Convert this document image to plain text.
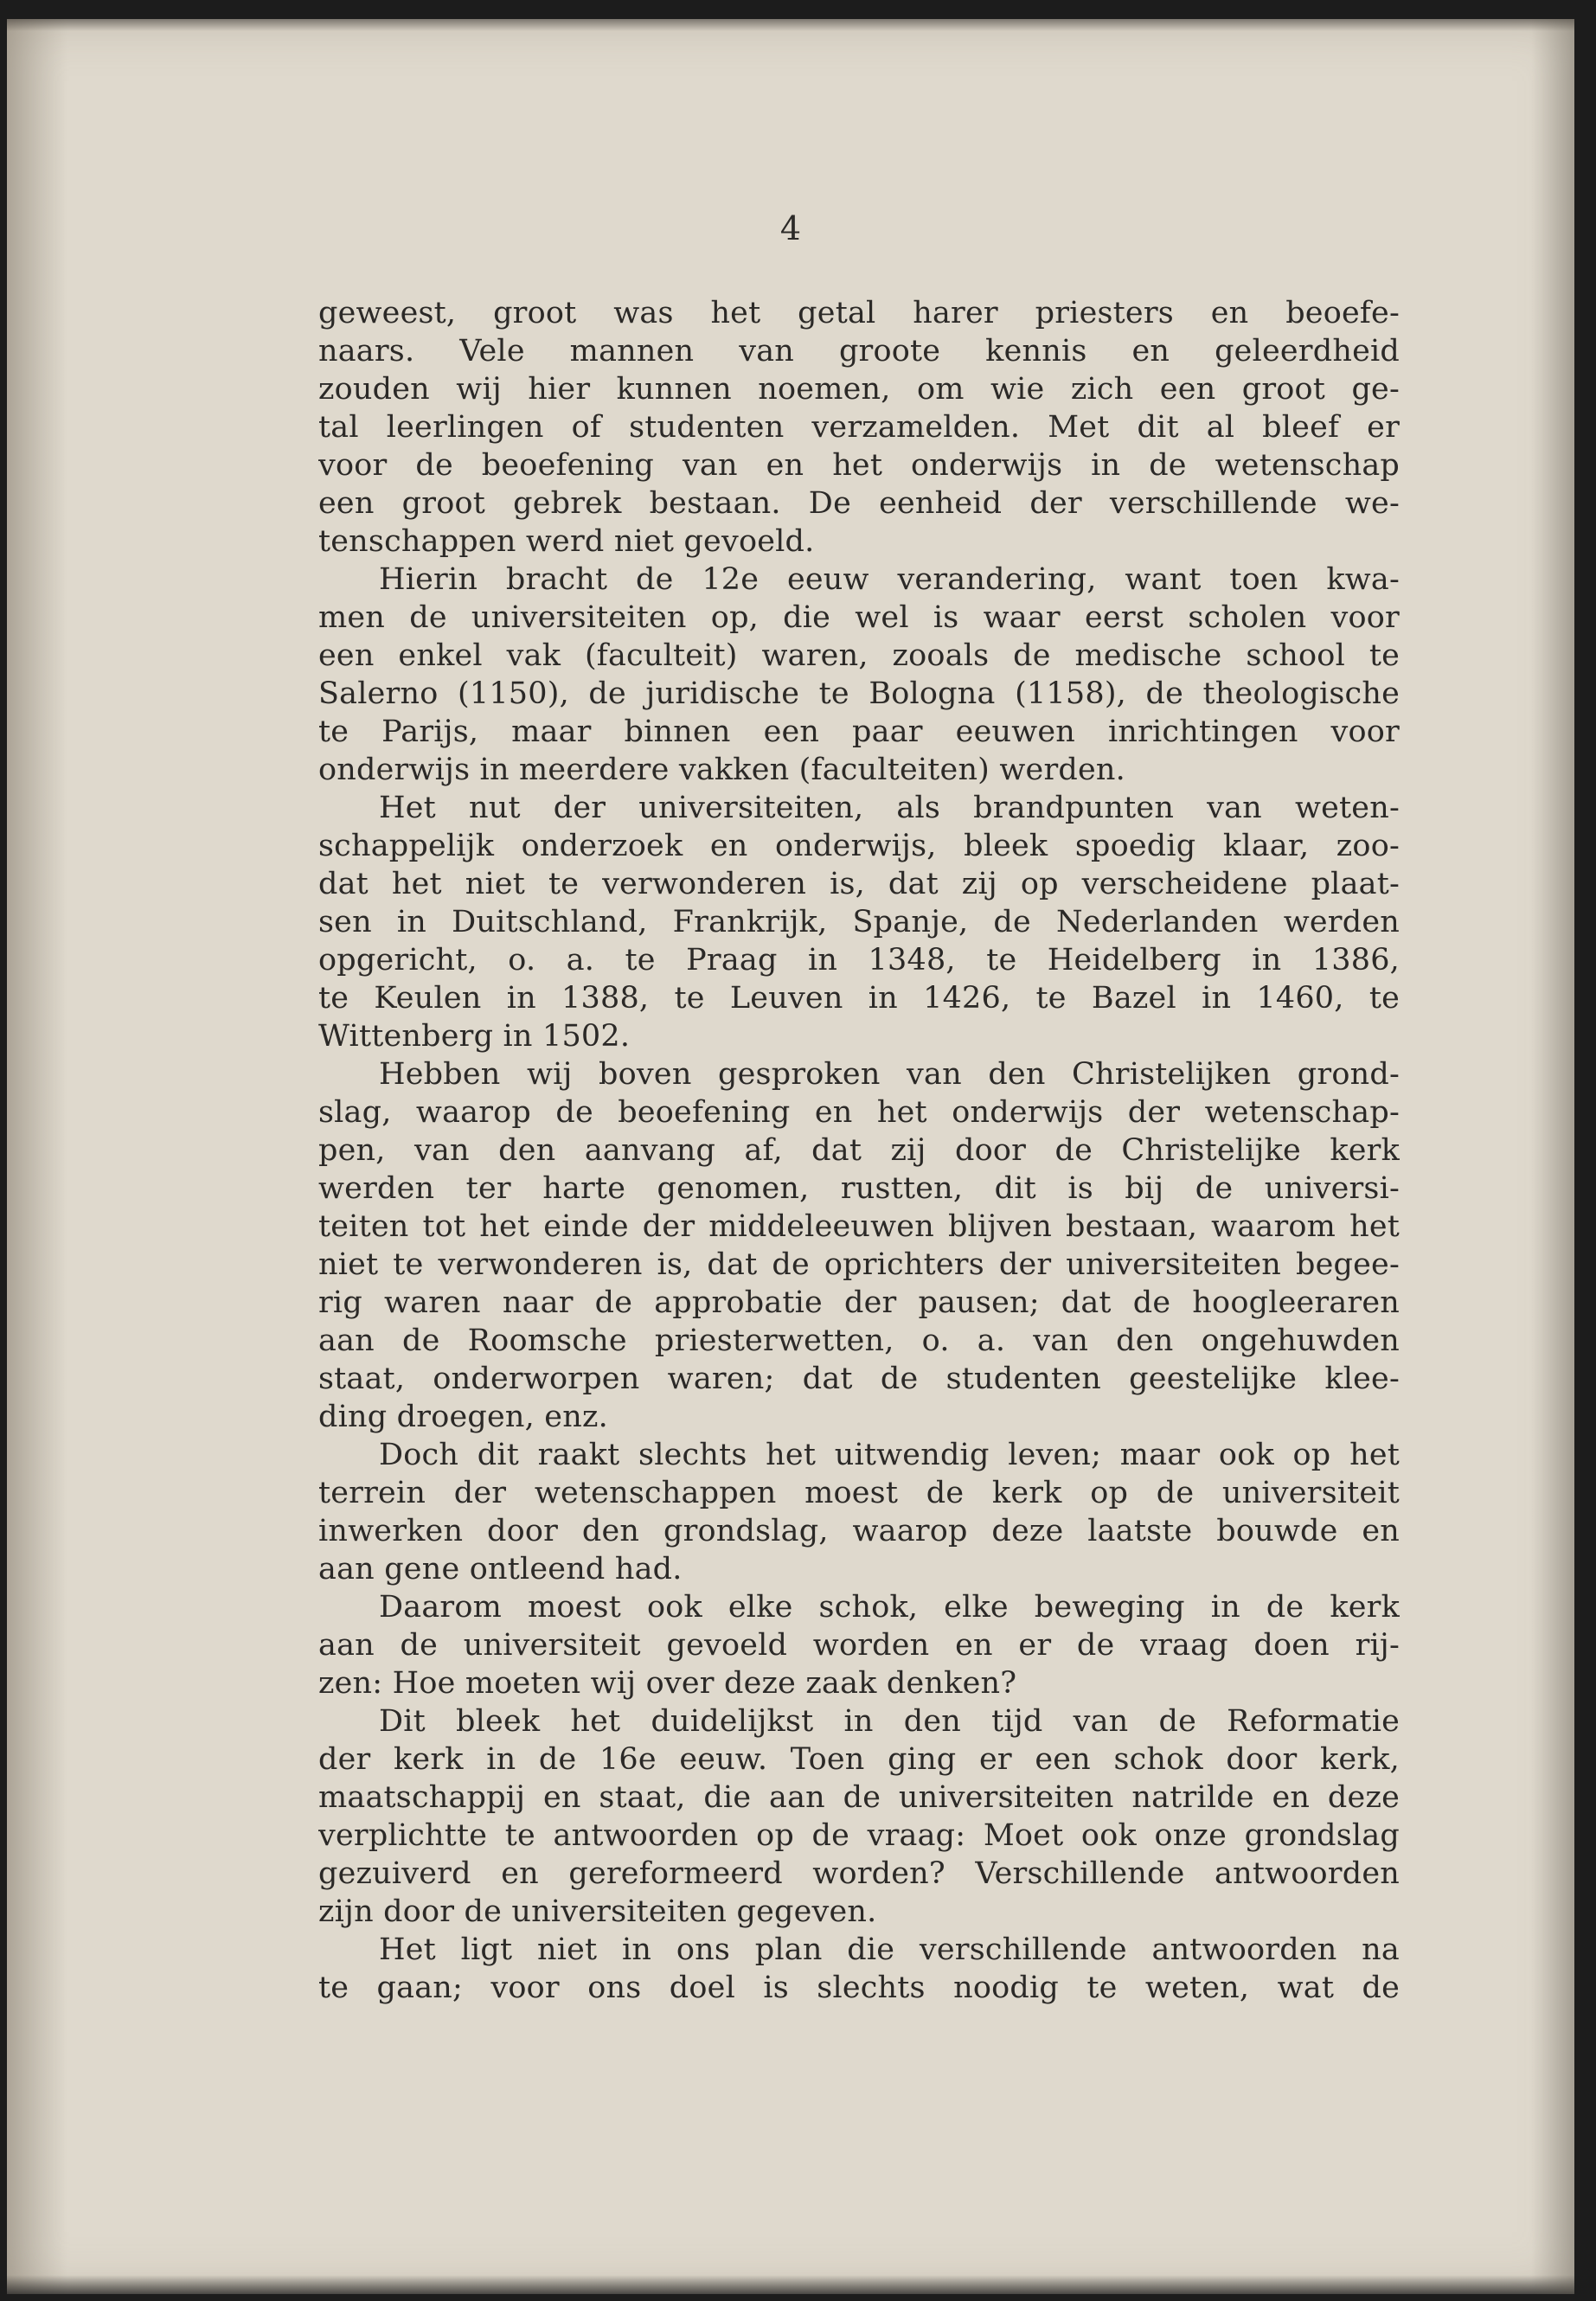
4
geweest, groot was het getal harer priesters en beoefe-
naars. Vele mannen van groote kennis en geleerdheid
zouden wij hier kunnen noemen, om wie zich een groot ge-
tal leerlingen of studenten verzamelden. Met dit al bleef er
voor de beoefening van en het onderwijs in de wetenschap
een groot gebrek bestaan. De eenheid der verschillende we-
tenschappen werd niet gevoeld.
Hierin bracht de 12e eeuw verandering, want toen kwa-
men de universiteiten op, die wel is waar eerst scholen voor
een enkel vak (faculteit) waren, zooals de medische school te
Salerno (1150), de juridische te Bologna (1158), de theologische
te Parijs, maar binnen een paar eeuwen inrichtingen voor
onderwijs in meerdere vakken (faculteiten) werden.
Het nut der universiteiten, als brandpunten van weten-
schappelijk onderzoek en onderwijs, bleek spoedig klaar, zoo-
dat het niet te verwonderen is, dat zij op verscheidene plaat-
sen in Duitschland, Frankrijk, Spanje, de Nederlanden werden
opgericht, o. a. te Praag in 1348, te Heidelberg in 1386,
te Keulen in 1388, te Leuven in 1426, te Bazel in 1460, te
Wittenberg in 1502.
Hebben wij boven gesproken van den Christelijken grond-
slag, waarop de beoefening en het onderwijs der wetenschap-
pen, van den aanvang af, dat zij door de Christelijke kerk
werden ter harte genomen, rustten, dit is bij de universi-
teiten tot het einde der middeleeuwen blijven bestaan, waarom het
niet te verwonderen is, dat de oprichters der universiteiten begee-
rig waren naar de approbatie der pausen; dat de hoogleeraren
aan de Roomsche priesterwetten, o. a. van den ongehuwden
staat, onderworpen waren; dat de studenten geestelijke klee-
ding droegen, enz.
Doch dit raakt slechts het uitwendig leven; maar ook op het
terrein der wetenschappen moest de kerk op de universiteit
inwerken door den grondslag, waarop deze laatste bouwde en
aan gene ontleend had.
Daarom moest ook elke schok, elke beweging in de kerk
aan de universiteit gevoeld worden en er de vraag doen rij-
zen: Hoe moeten wij over deze zaak denken?
Dit bleek het duidelijkst in den tijd van de Reformatie
der kerk in de 16e eeuw. Toen ging er een schok door kerk,
maatschappij en staat, die aan de universiteiten natrilde en deze
verplichtte te antwoorden op de vraag: Moet ook onze grondslag
gezuiverd en gereformeerd worden? Verschillende antwoorden
zijn door de universiteiten gegeven.
Het ligt niet in ons plan die verschillende antwoorden na
te gaan; voor ons doel is slechts noodig te weten, wat de
